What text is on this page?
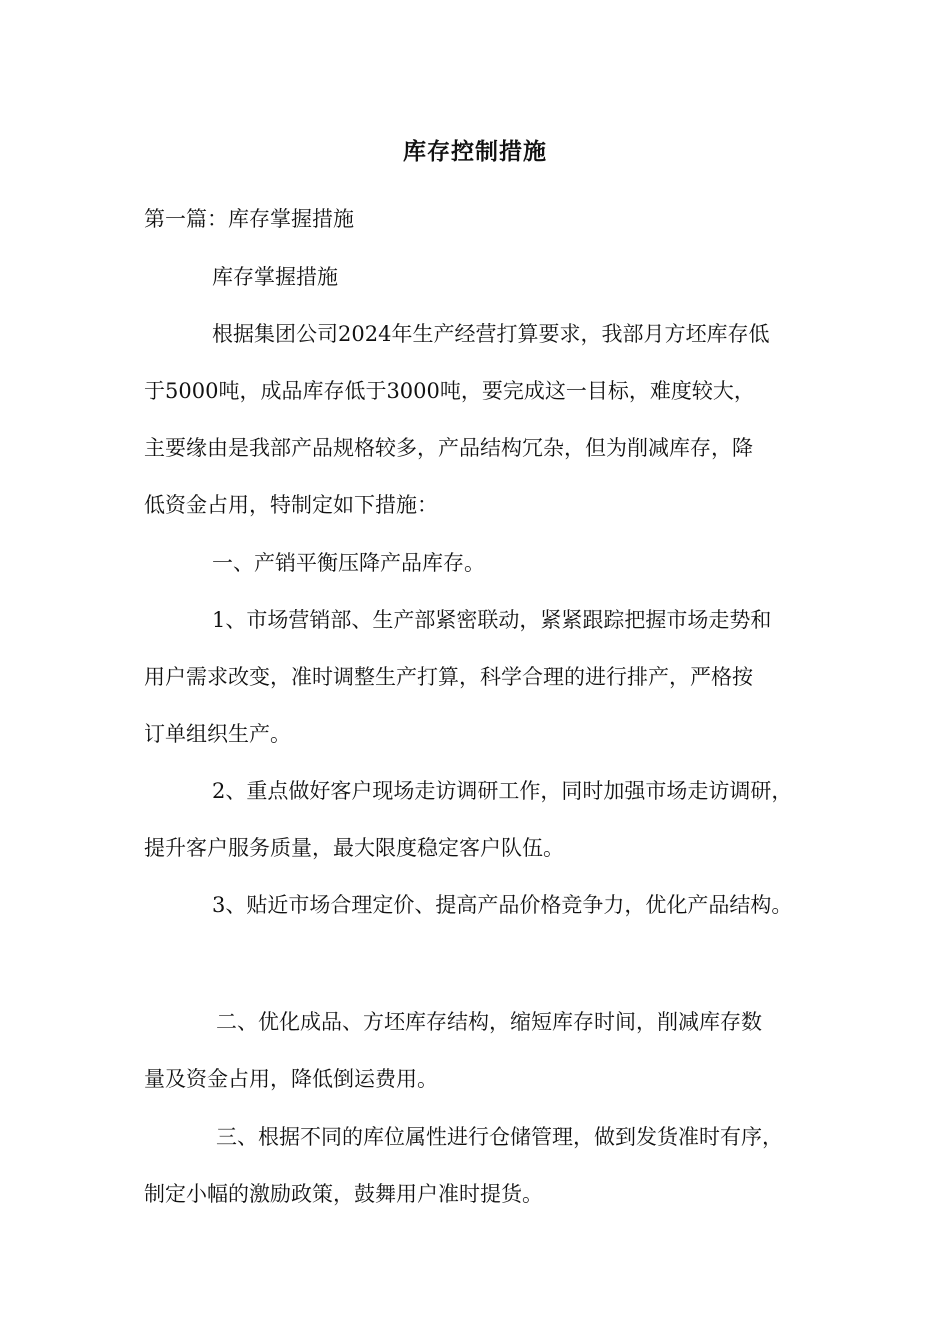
库存控制措施
第一篇：库存掌握措施
库存掌握措施
根据集团公司2024年生产经营打算要求，我部月方坯库存低
于5000吨，成品库存低于3000吨，要完成这一目标，难度较大，
主要缘由是我部产品规格较多，产品结构冗杂，但为削减库存，降
低资金占用，特制定如下措施：
一、产销平衡压降产品库存。
1、市场营销部、生产部紧密联动，紧紧跟踪把握市场走势和
用户需求改变，准时调整生产打算，科学合理的进行排产，严格按
订单组织生产。
2、重点做好客户现场走访调研工作，同时加强市场走访调研，
提升客户服务质量，最大限度稳定客户队伍。
3、贴近市场合理定价、提高产品价格竞争力，优化产品结构。
二、优化成品、方坯库存结构，缩短库存时间，削减库存数
量及资金占用，降低倒运费用。
三、根据不同的库位属性进行仓储管理，做到发货准时有序，
制定小幅的激励政策，鼓舞用户准时提货。
